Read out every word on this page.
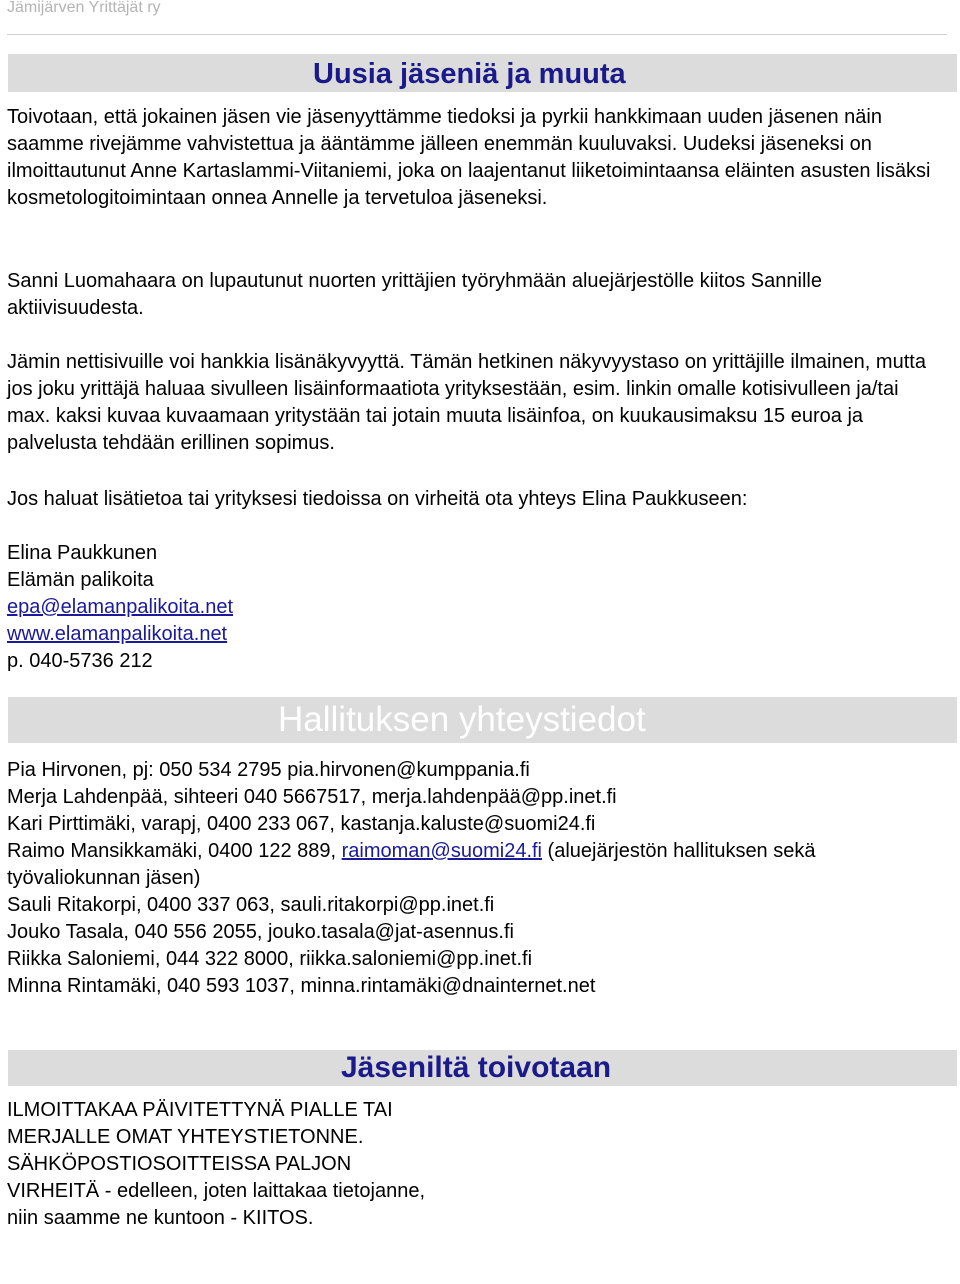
Jämijärven Yrittäjät ry
Uusia jäseniä ja muuta

Toivotaan, että jokainen jäsen vie jäsenyyttämme tiedoksi ja pyrkii hankkimaan uuden jäsenen näin saamme rivejämme vahvistettua ja ääntämme jälleen enemmän kuuluvaksi. Uudeksi jäseneksi on ilmoittautunut Anne Kartaslammi-Viitaniemi, joka on laajentanut liiketoimintaansa eläinten asusten lisäksi kosmetologitoimintaan onnea Annelle ja tervetuloa jäseneksi.

Sanni Luomahaara on lupautunut nuorten yrittäjien työryhmään aluejärjestölle kiitos Sannille aktiivisuudesta.

Jämin nettisivuille voi hankkia lisänäkyvyyttä. Tämän hetkinen näkyvyystaso on yrittäjille ilmainen, mutta jos joku yrittäjä haluaa sivulleen lisäinformaatiota yrityksestään, esim. linkin omalle kotisivulleen ja/tai max. kaksi kuvaa kuvaamaan yritystään tai jotain muuta lisäinfoa, on kuukausimaksu 15 euroa ja palvelusta tehdään erillinen sopimus.

Jos haluat lisätietoa tai yrityksesi tiedoissa on virheitä ota yhteys Elina Paukkuseen:

Elina Paukkunen
Elämän palikoita
epa@elamanpalikoita.net
www.elamanpalikoita.net
p. 040-5736 212
Hallituksen yhteystiedot
Pia Hirvonen, pj: 050 534 2795 pia.hirvonen@kumppania.fi
Merja Lahdenpää, sihteeri 040 5667517, merja.lahdenpää@pp.inet.fi
Kari Pirttimäki, varapj, 0400 233 067, kastanja.kaluste@suomi24.fi
Raimo Mansikkamäki, 0400 122 889, raimoman@suomi24.fi (aluejärjestön hallituksen sekä työvaliokunnan jäsen)
Sauli Ritakorpi, 0400 337 063, sauli.ritakorpi@pp.inet.fi
Jouko Tasala, 040 556 2055, jouko.tasala@jat-asennus.fi
Riikka Saloniemi, 044 322 8000, riikka.saloniemi@pp.inet.fi
Minna Rintamäki, 040 593 1037, minna.rintamäki@dnainternet.net
Jäseniltä toivotaan

ILMOITTAKAA PÄIVITETTYNÄ PIALLE TAI MERJALLE OMAT YHTEYSTIETONNE. SÄHKÖPOSTIOSOITTEISSA PALJON VIRHEITÄ - edelleen, joten laittakaa tietojanne, niin saamme ne kuntoon - KIITOS.
